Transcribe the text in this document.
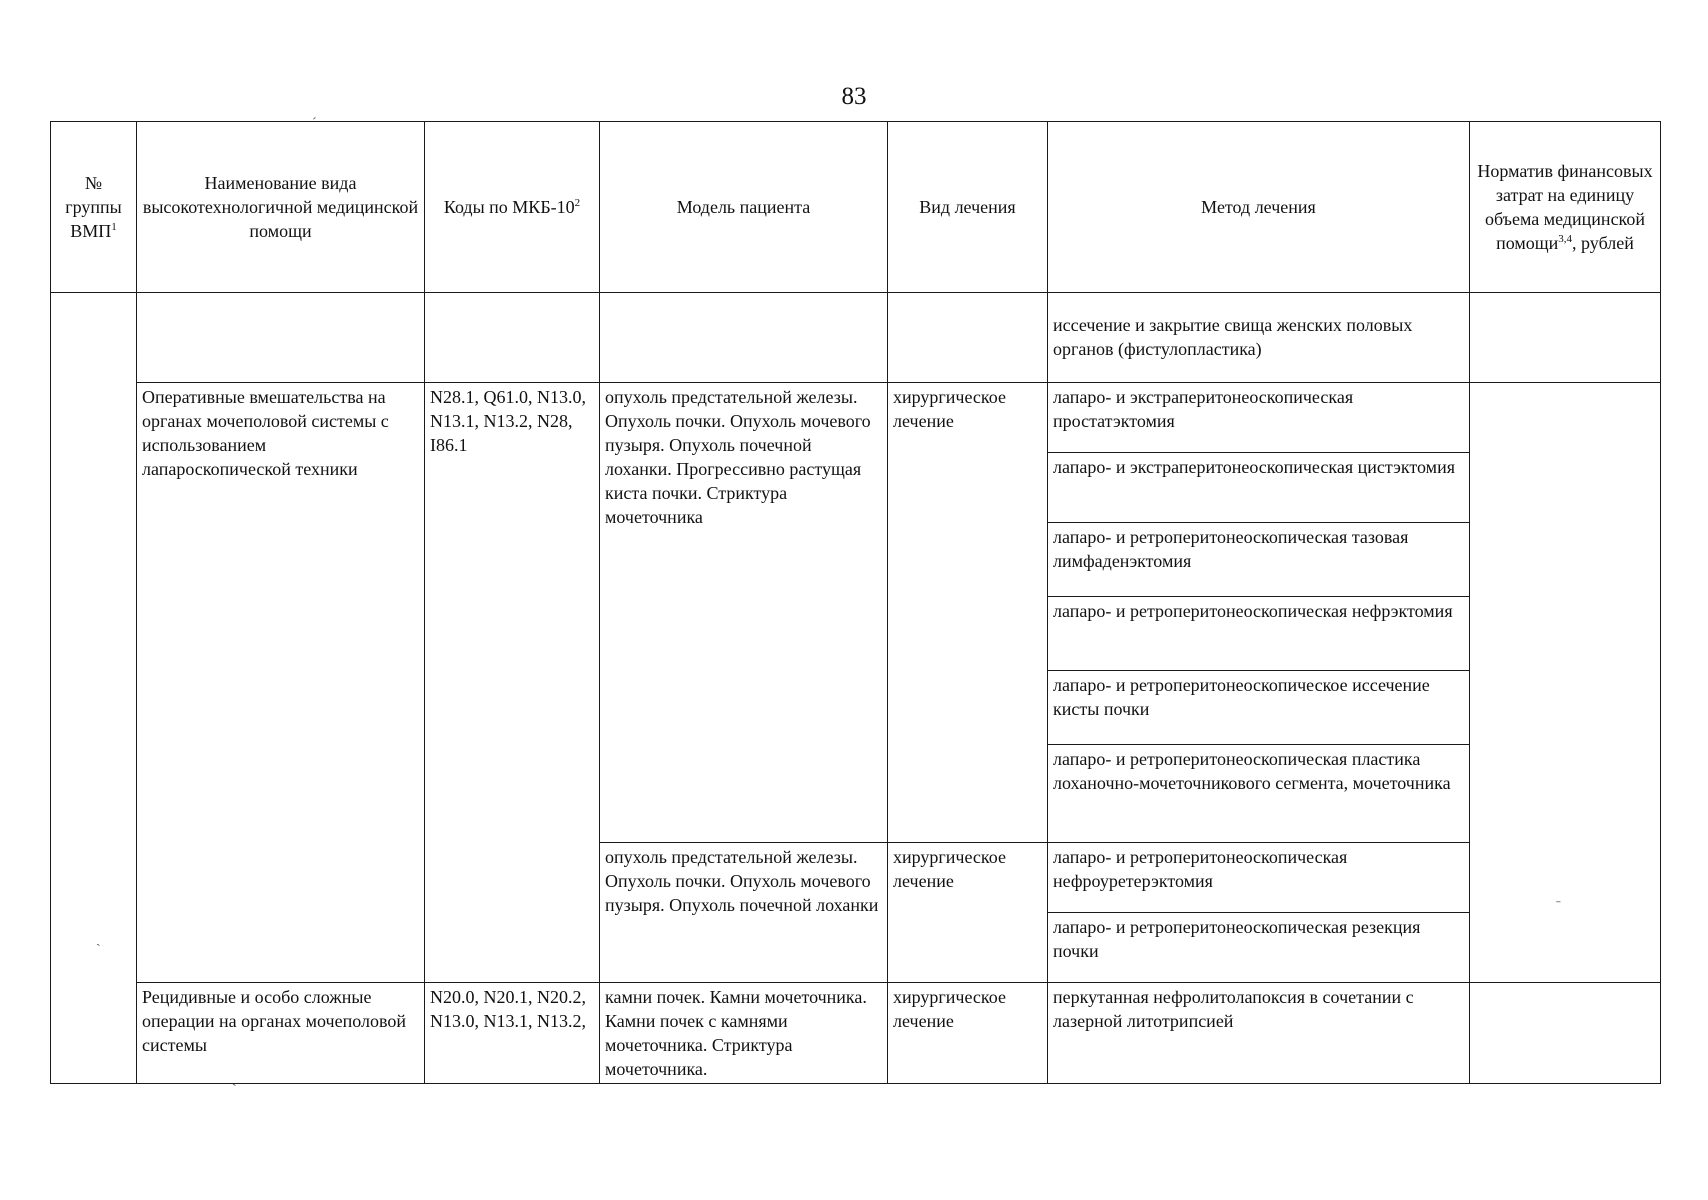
83
№ группы ВМП$^1$	Наименование вида высокотехнологичной медицинской помощи	Коды по МКБ-$10^2$	Модель пациента	Вид лечения	Метод лечения	Норматив финансовых затрат на единицу объема медицинской помощи$^{3,4}$, рублей
					иссечение и закрытие свища женских половых органов (фистулопластика)	
	Оперативные вмешательства на органах мочеполовой системы с использованием лапароскопической техники	N28.1, Q61.0, N13.0, N13.1, N13.2, N28, I86.1	опухоль предстательной железы. Опухоль почки. Опухоль мочевого пузыря. Опухоль почечной лоханки. Прогрессивно растущая киста почки. Стриктура мочеточника	хирургическое лечение	лапаро- и экстраперитонеоскопическая простатэктомия	
					лапаро- и экстраперитонеоскопическая цистэктомия	
					лапаро- и ретроперитонеоскопическая тазовая лимфаденэктомия	
					лапаро- и ретроперитонеоскопическая нефрэктомия	
					лапаро- и ретроперитонеоскопическое иссечение кисты почки	
					лапаро- и ретроперитонеоскопическая пластика лоханочно-мочеточникового сегмента, мочеточника	
			опухоль предстательной железы. Опухоль почки. Опухоль мочевого пузыря. Опухоль почечной лоханки	хирургическое лечение	лапаро- и ретроперитонеоскопическая нефроуретерэктомия	
					лапаро- и ретроперитонеоскопическая резекция почки	

	Рецидивные и особо сложные операции на органах мочеполовой системы	N20.0, N20.1, N20.2, N13.0, N13.1, N13.2,	камни почек. Камни мочеточника. Камни почек с камнями мочеточника. Стриктура мочеточника.	хирургическое лечение	перкутанная нефролитолапоксия в сочетании с лазерной литотрипсией	
ˊ
ˏ
ˉ
ˏ
